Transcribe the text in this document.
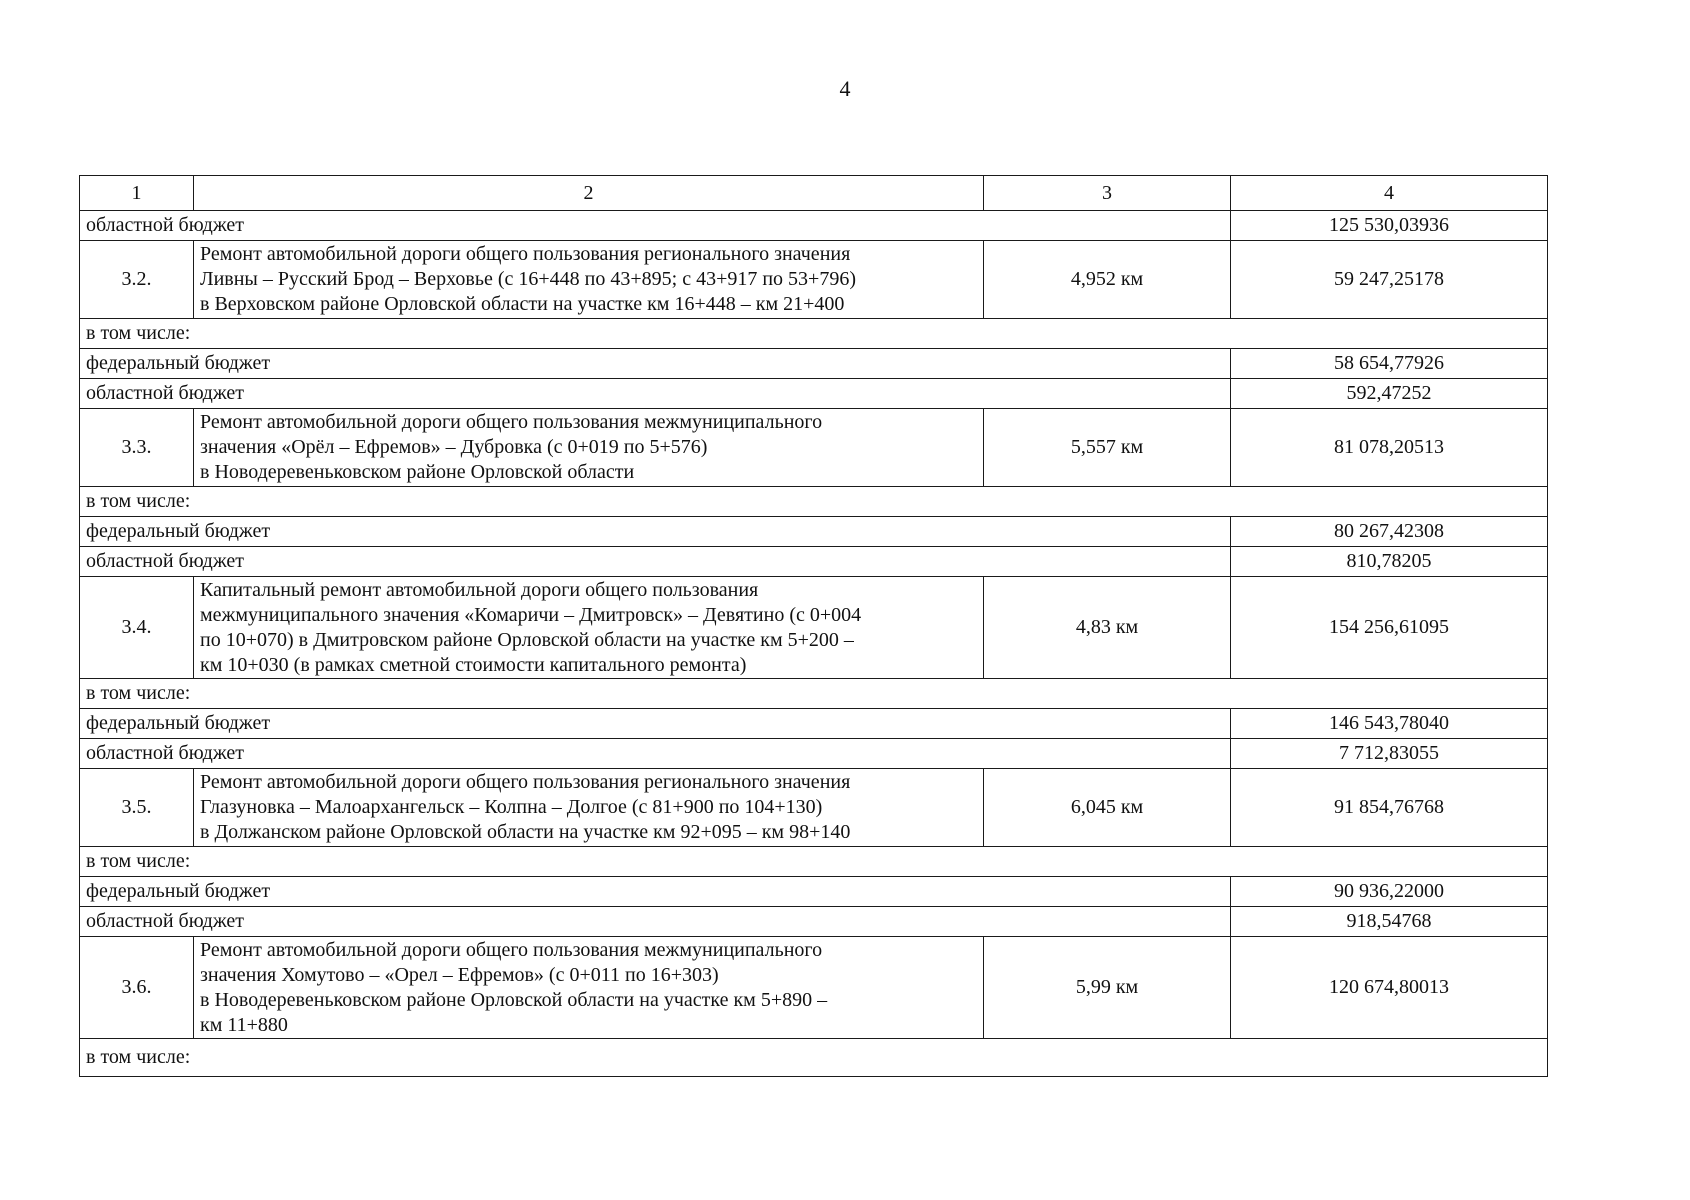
4
1	2	3	4
областной бюджет			125 530,03936
3.2.	Ремонт автомобильной дороги общего пользования регионального значения
Ливны – Русский Брод – Верховье (с 16+448 по 43+895; с 43+917 по 53+796)
в Верховском районе Орловской области на участке км 16+448 – км 21+400	4,952 км	59 247,25178
в том числе:			
федеральный бюджет			58 654,77926
областной бюджет			592,47252
3.3.	Ремонт автомобильной дороги общего пользования межмуниципального
значения «Орёл – Ефремов» – Дубровка (с 0+019 по 5+576)
в Новодеревеньковском районе Орловской области	5,557 км	81 078,20513
в том числе:			
федеральный бюджет			80 267,42308
областной бюджет			810,78205
3.4.	Капитальный ремонт автомобильной дороги общего пользования
межмуниципального значения «Комаричи – Дмитровск» – Девятино (с 0+004
по 10+070) в Дмитровском районе Орловской области на участке км 5+200 –
км 10+030 (в рамках сметной стоимости капитального ремонта)	4,83 км	154 256,61095
в том числе:			
федеральный бюджет			146 543,78040
областной бюджет			7 712,83055
3.5.	Ремонт автомобильной дороги общего пользования регионального значения
Глазуновка – Малоархангельск – Колпна – Долгое (с 81+900 по 104+130)
в Должанском районе Орловской области на участке км 92+095 – км 98+140	6,045 км	91 854,76768
в том числе:			
федеральный бюджет			90 936,22000
областной бюджет			918,54768
3.6.	Ремонт автомобильной дороги общего пользования межмуниципального
значения Хомутово – «Орел – Ефремов» (с 0+011 по 16+303)
в Новодеревеньковском районе Орловской области на участке км 5+890 –
км 11+880	5,99 км	120 674,80013
в том числе:			
